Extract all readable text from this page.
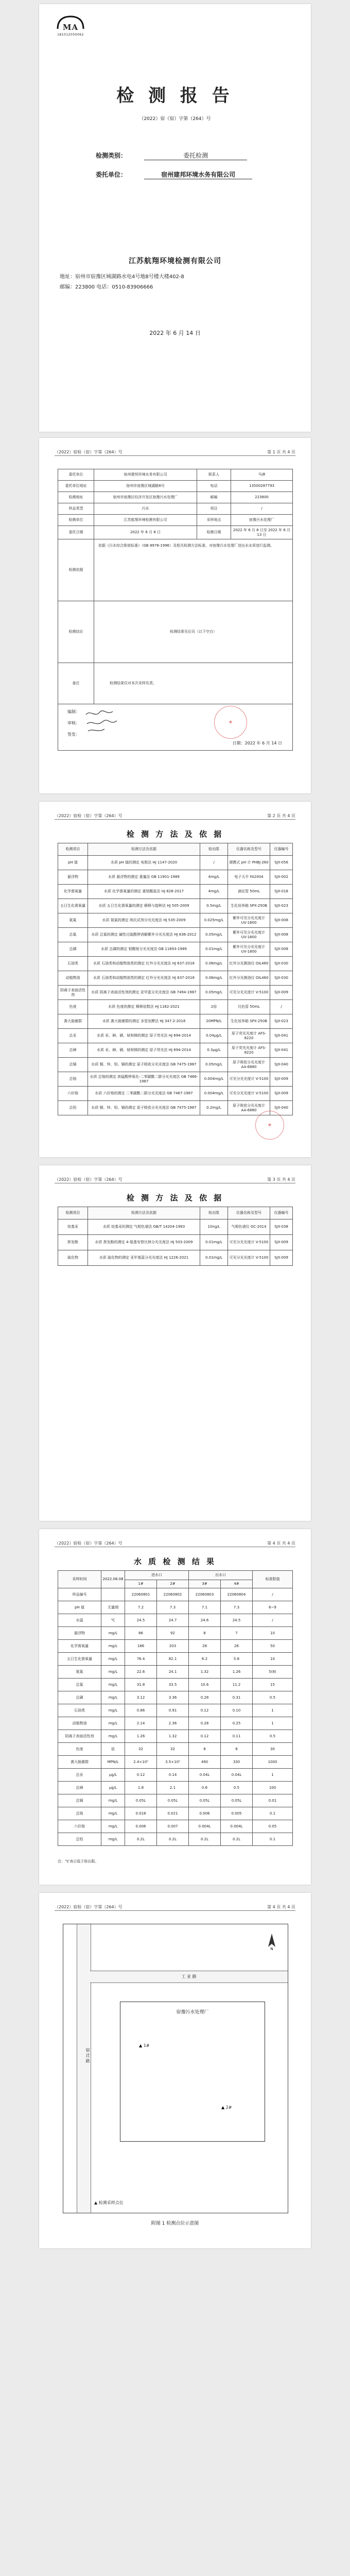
MA
181012050062
检 测 报 告
（2022）宿（宿）字第（264）号
检测类别：	委托检测
委托单位：	宿州建邦环境水务有限公司
江苏航翔环境检测有限公司
地址：宿州市宿豫区城湖路水电4号地8号楼大楼402-8
邮编：223800 电话：0510-83906666
2022 年 6 月 14 日
（2022）宿检（宿）字第（264）号	第 1 页 共 4 页
委托单位	宿州建邦环境水务有限公司	联系人	马唐
委托单位地址	宿州市宿豫区城湖路8号	电话	13500287793
检测地址	宿州市宿豫区经济开发区宿豫污水处理厂	邮编	223800
样品类型	污水	项目	/
检测单位	江苏航翔环境检测有限公司	采样地点	宿豫污水处理厂
委托日期	2022 年 6 月 8 日	检测日期	2022 年 6 月 8 日至 2022 年 6 月 13 日
检测依据	依据《污水综合排放标准》（GB 8978-1996）及相关检测方法标准，对宿豫污水处理厂进出水水质进行监测。		
检测结论	检测结果见后页（以下空白）		
备注	检测结果仅对本次采样负责。		

编制：
审核：
签发：
日期：2022 年 6 月 14 日			
★
（2022）宿检（宿）字第（264）号	第 2 页 共 4 页
检 测 方 法 及 依 据
检测项目	检测方法及依据	检出限	仪器名称及型号	仪器编号
pH 值	水质 pH 值的测定 电极法 HJ 1147-2020	/	便携式 pH 计 PHBJ-260	SJX-056
悬浮物	水质 悬浮物的测定 重量法 GB 11901-1989	4mg/L	电子天平 FA2004	SJX-002
化学需氧量	水质 化学需氧量的测定 重铬酸盐法 HJ 828-2017	4mg/L	滴定管 50mL	SJX-018
五日生化需氧量	水质 五日生化需氧量的测定 稀释与接种法 HJ 505-2009	0.5mg/L	生化培养箱 SPX-250B	SJX-023
氨氮	水质 氨氮的测定 纳氏试剂分光光度法 HJ 535-2009	0.025mg/L	紫外可见分光光度计 UV-1800	SJX-008
总氮	水质 总氮的测定 碱性过硫酸钾消解紫外分光光度法 HJ 636-2012	0.05mg/L	紫外可见分光光度计 UV-1800	SJX-008
总磷	水质 总磷的测定 钼酸铵分光光度法 GB 11893-1989	0.01mg/L	紫外可见分光光度计 UV-1800	SJX-008
石油类	水质 石油类和动植物油类的测定 红外分光光度法 HJ 637-2018	0.06mg/L	红外分光测油仪 OIL460	SJX-030
动植物油	水质 石油类和动植物油类的测定 红外分光光度法 HJ 637-2018	0.06mg/L	红外分光测油仪 OIL460	SJX-030
阴离子表面活性剂	水质 阴离子表面活性剂的测定 亚甲蓝分光光度法 GB 7494-1987	0.05mg/L	可见分光光度计 V-5100	SJX-009
色度	水质 色度的测定 稀释倍数法 HJ 1182-2021	2倍	比色管 50mL	/
粪大肠菌群	水质 粪大肠菌群的测定 多管发酵法 HJ 347.2-2018	20MPN/L	生化培养箱 SPX-250B	SJX-023
总汞	水质 汞、砷、硒、铋和锑的测定 原子荧光法 HJ 694-2014	0.04μg/L	原子荧光光度计 AFS-8220	SJX-041
总砷	水质 汞、砷、硒、铋和锑的测定 原子荧光法 HJ 694-2014	0.3μg/L	原子荧光光度计 AFS-8220	SJX-041
总镉	水质 铜、锌、铅、镉的测定 原子吸收分光光度法 GB 7475-1987	0.05mg/L	原子吸收分光光度计 AA-6880	SJX-040
总铬	水质 总铬的测定 高锰酸钾氧化-二苯碳酰二肼分光光度法 GB 7466-1987	0.004mg/L	可见分光光度计 V-5100	SJX-009
六价铬	水质 六价铬的测定 二苯碳酰二肼分光光度法 GB 7467-1987	0.004mg/L	可见分光光度计 V-5100	SJX-009
总铅	水质 铜、锌、铅、镉的测定 原子吸收分光光度法 GB 7475-1987	0.2mg/L	原子吸收分光光度计 AA-6880	SJX-040
★
（2022）宿检（宿）字第（264）号	第 3 页 共 4 页
检 测 方 法 及 依 据
检测项目	检测方法及依据	检出限	仪器名称及型号	仪器编号
烷基汞	水质 烷基汞的测定 气相色谱法 GB/T 14204-1993	10ng/L	气相色谱仪 GC-2014	SJX-038
挥发酚	水质 挥发酚的测定 4-氨基安替比林分光光度法 HJ 503-2009	0.01mg/L	可见分光光度计 V-5100	SJX-009
硫化物	水质 硫化物的测定 亚甲基蓝分光光度法 HJ 1226-2021	0.01mg/L	可见分光光度计 V-5100	SJX-009
（2022）宿检（宿）字第（264）号	第 4 页 共 4 页
水 质 检 测 结 果
采样时间	2022.06.08	进水口		出水口		标准限值
		1#	2#	3#	4#	
样品编号		22060801	22060802	22060803	22060804	/
pH 值	无量纲	7.2	7.3	7.1	7.3	6~9
水温	℃	24.5	24.7	24.6	24.5	/
悬浮物	mg/L	86	92	8	7	10
化学需氧量	mg/L	186	203	28	26	50
五日生化需氧量	mg/L	76.4	82.1	6.2	5.8	10
氨氮	mg/L	22.6	24.1	1.32	1.26	5(8)
总氮	mg/L	31.8	33.5	10.6	11.2	15
总磷	mg/L	3.12	3.36	0.28	0.31	0.5
石油类	mg/L	0.86	0.91	0.12	0.10	1
动植物油	mg/L	2.14	2.36	0.28	0.25	1
阴离子表面活性剂	mg/L	1.26	1.32	0.12	0.11	0.5
色度	倍	32	32	8	8	30
粪大肠菌群	MPN/L	2.4×10⁵	3.5×10⁵	490	330	1000
总汞	μg/L	0.12	0.14	0.04L	0.04L	1
总砷	μg/L	1.8	2.1	0.6	0.5	100
总镉	mg/L	0.05L	0.05L	0.05L	0.05L	0.01
总铬	mg/L	0.018	0.021	0.006	0.005	0.1
六价铬	mg/L	0.006	0.007	0.004L	0.004L	0.05
总铅	mg/L	0.2L	0.2L	0.2L	0.2L	0.1
注：“L”表示低于检出限。
（2022）宿检（宿）字第（264）号	第 4 页 共 4 页
宿 迁 路
工 业 路
宿豫污水处理厂
▲ 1#
▲ 2#
N
▲ 检测采样点位
附图 1 检测点位示意图
